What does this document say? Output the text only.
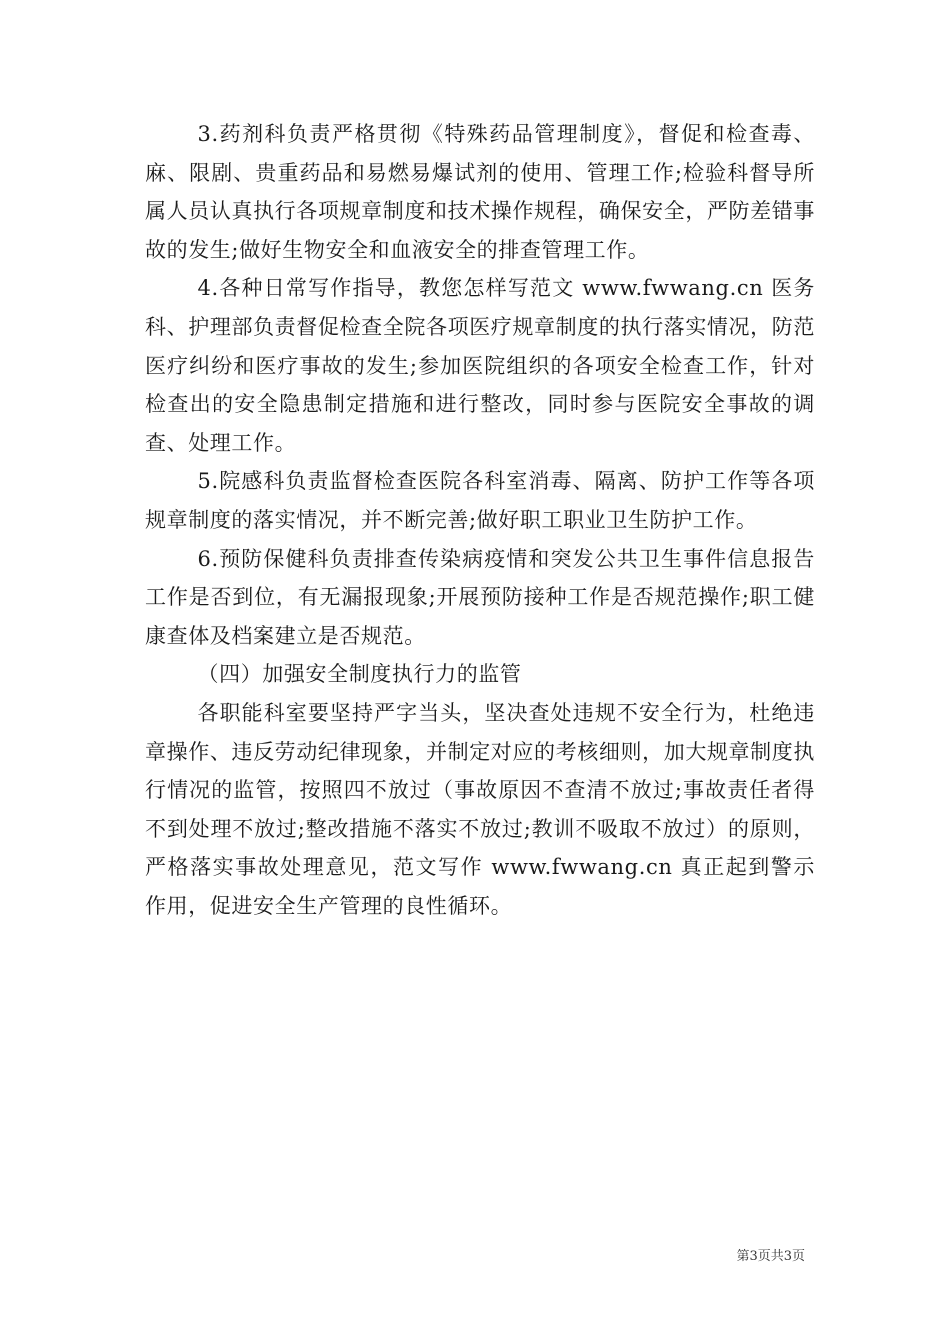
3.药剂科负责严格贯彻《特殊药品管理制度》，督促和检查毒、麻、限剧、贵重药品和易燃易爆试剂的使用、管理工作;检验科督导所属人员认真执行各项规章制度和技术操作规程，确保安全，严防差错事故的发生;做好生物安全和血液安全的排查管理工作。

4.各种日常写作指导，教您怎样写范文 www.fwwang.cn 医务科、护理部负责督促检查全院各项医疗规章制度的执行落实情况，防范医疗纠纷和医疗事故的发生;参加医院组织的各项安全检查工作，针对检查出的安全隐患制定措施和进行整改，同时参与医院安全事故的调查、处理工作。

5.院感科负责监督检查医院各科室消毒、隔离、防护工作等各项规章制度的落实情况，并不断完善;做好职工职业卫生防护工作。

6.预防保健科负责排查传染病疫情和突发公共卫生事件信息报告工作是否到位，有无漏报现象;开展预防接种工作是否规范操作;职工健康查体及档案建立是否规范。

（四）加强安全制度执行力的监管

各职能科室要坚持严字当头，坚决查处违规不安全行为，杜绝违章操作、违反劳动纪律现象，并制定对应的考核细则，加大规章制度执行情况的监管，按照四不放过（事故原因不查清不放过;事故责任者得不到处理不放过;整改措施不落实不放过;教训不吸取不放过）的原则，严格落实事故处理意见，范文写作 www.fwwang.cn 真正起到警示作用，促进安全生产管理的良性循环。

第3页共3页
